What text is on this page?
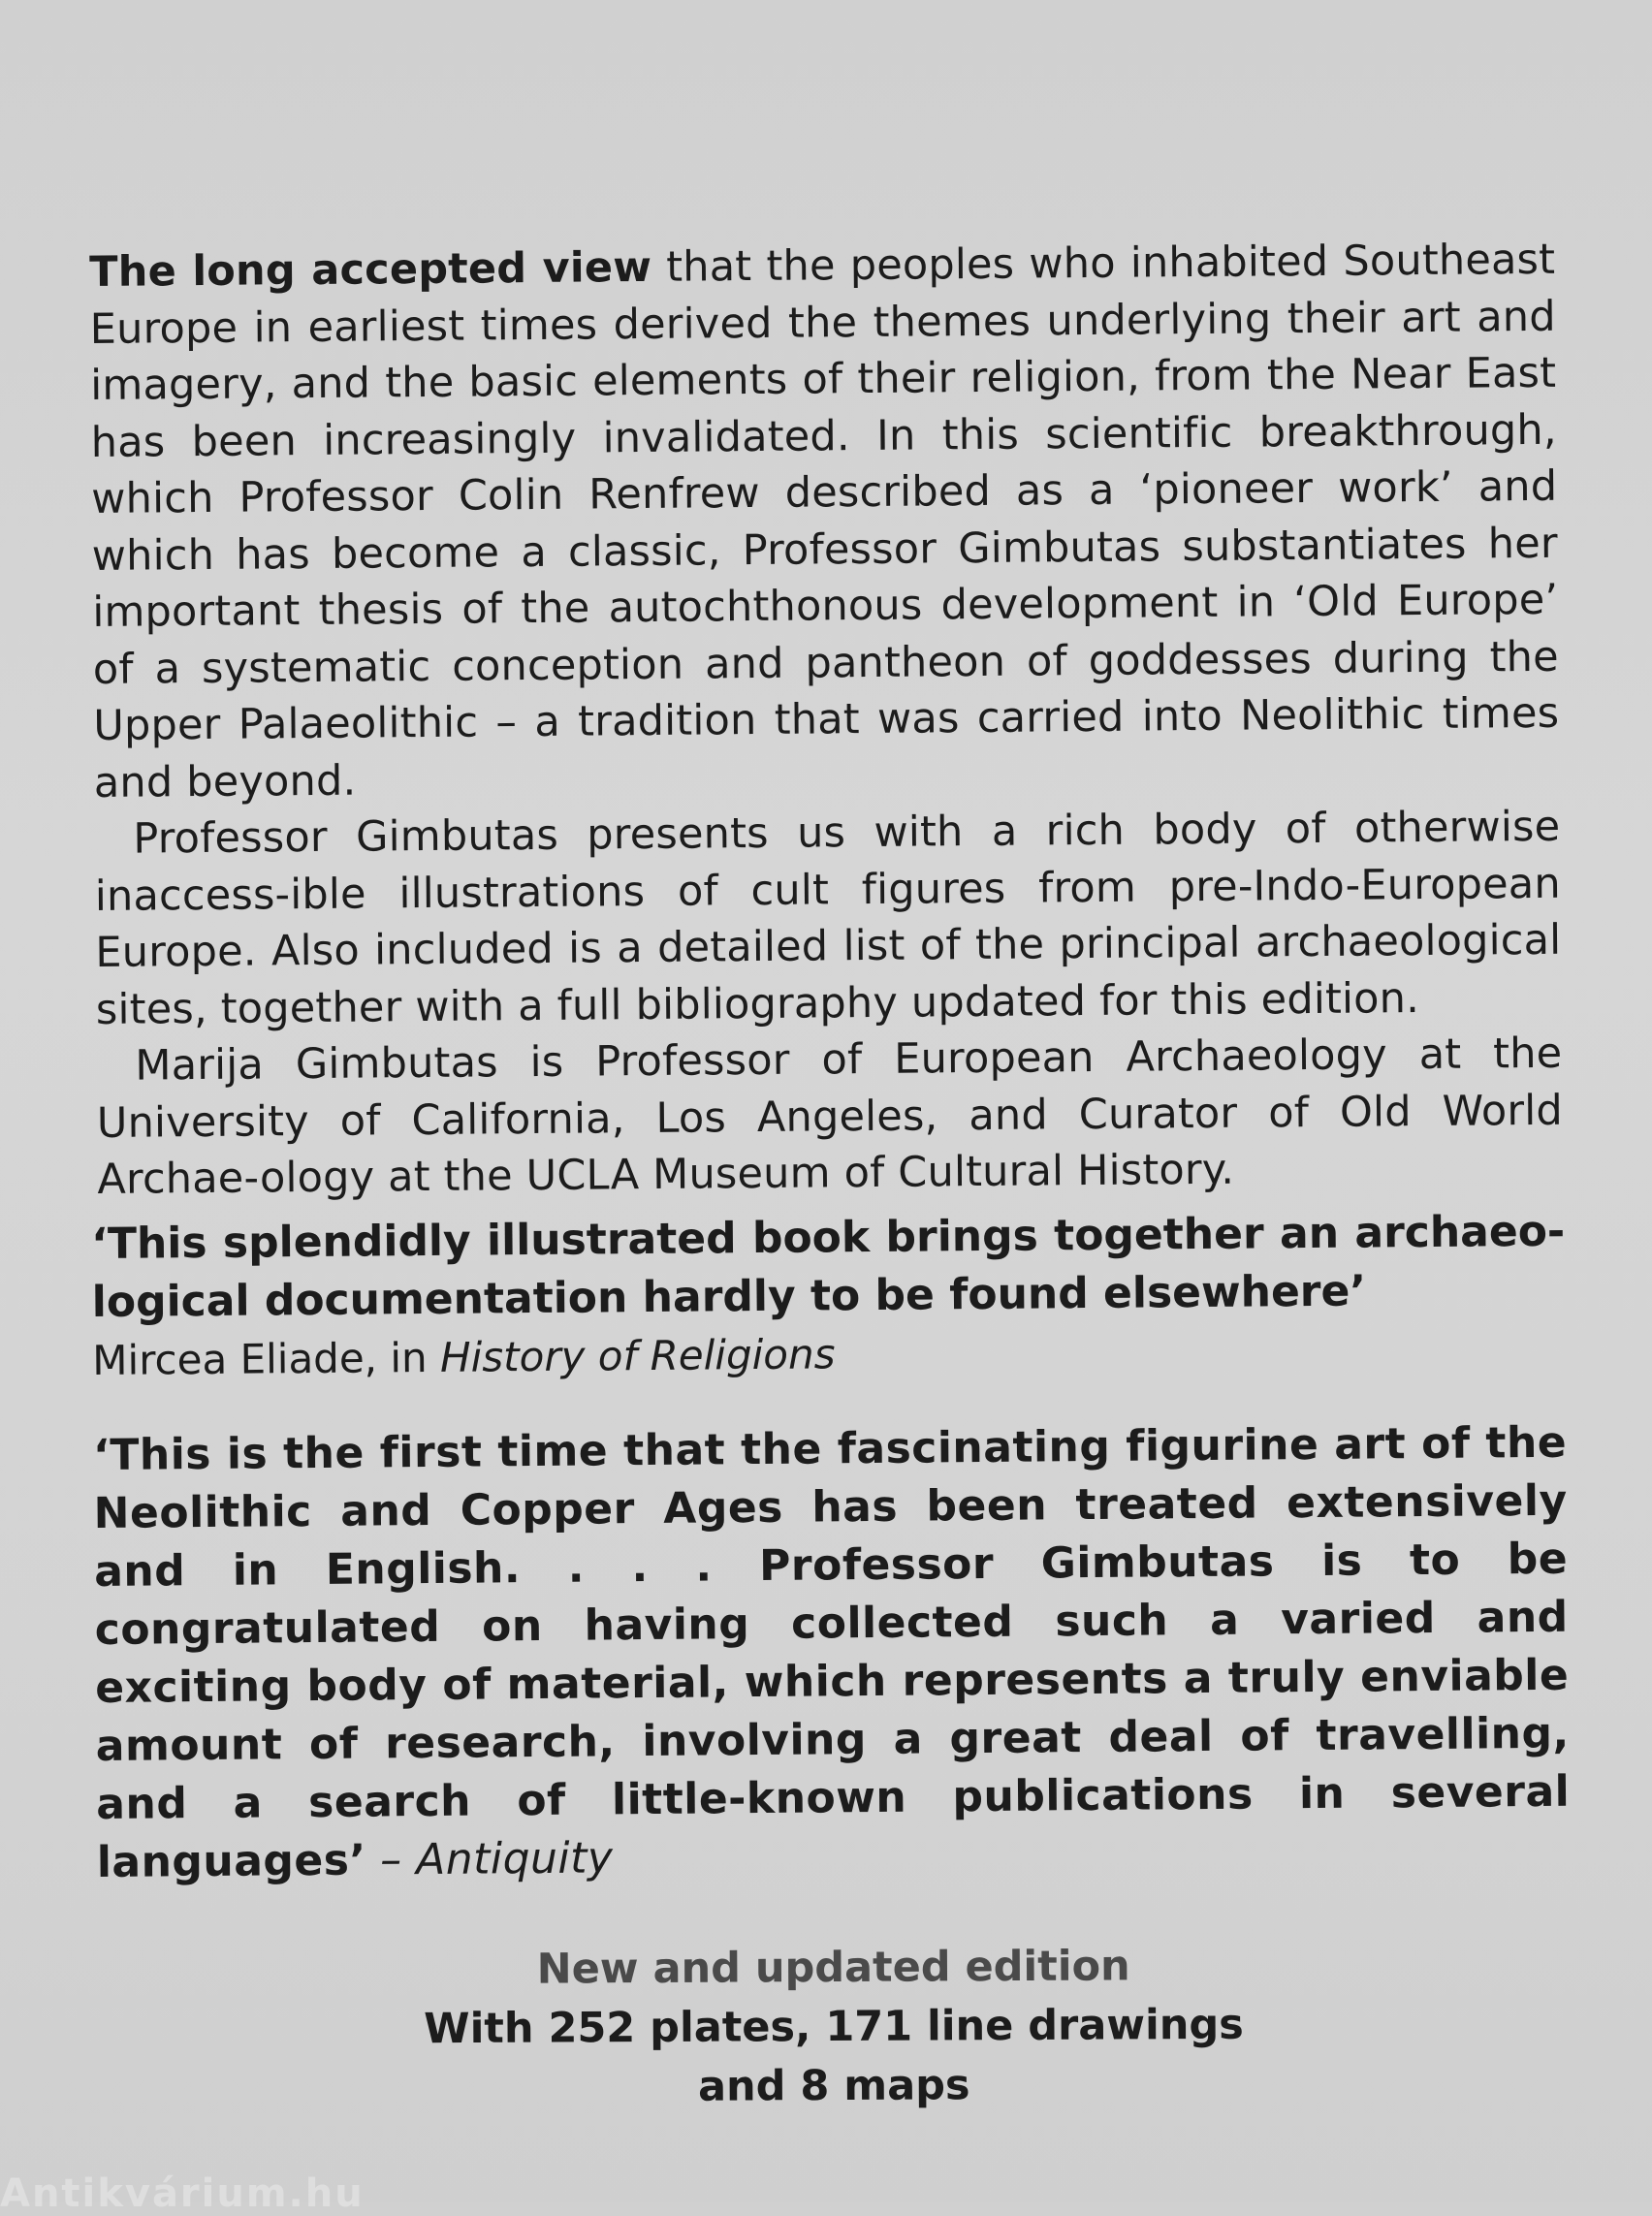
The long accepted view that the peoples who inhabited Southeast Europe in earliest times derived the themes underlying their art and imagery, and the basic elements of their religion, from the Near East has been increasingly invalidated. In this scientific breakthrough, which Professor Colin Renfrew described as a ‘pioneer work’ and which has become a classic, Professor Gimbutas substantiates her important thesis of the autochthonous development in ‘Old Europe’ of a systematic conception and pantheon of goddesses during the Upper Palaeolithic – a tradition that was carried into Neolithic times and beyond.

Professor Gimbutas presents us with a rich body of otherwise inaccess-ible illustrations of cult figures from pre-Indo-European Europe. Also included is a detailed list of the principal archaeological sites, together with a full bibliography updated for this edition.

Marija Gimbutas is Professor of European Archaeology at the University of California, Los Angeles, and Curator of Old World Archae-ology at the UCLA Museum of Cultural History.

‘This splendidly illustrated book brings together an archaeo-logical documentation hardly to be found elsewhere’

Mircea Eliade, in History of Religions

‘This is the first time that the fascinating figurine art of the Neolithic and Copper Ages has been treated extensively and in English. . . . Professor Gimbutas is to be congratulated on having collected such a varied and exciting body of material, which represents a truly enviable amount of research, involving a great deal of travelling, and a search of little-known publications in several languages’ – Antiquity

New and updated edition
With 252 plates, 171 line drawings
and 8 maps
Antikvárium.hu
